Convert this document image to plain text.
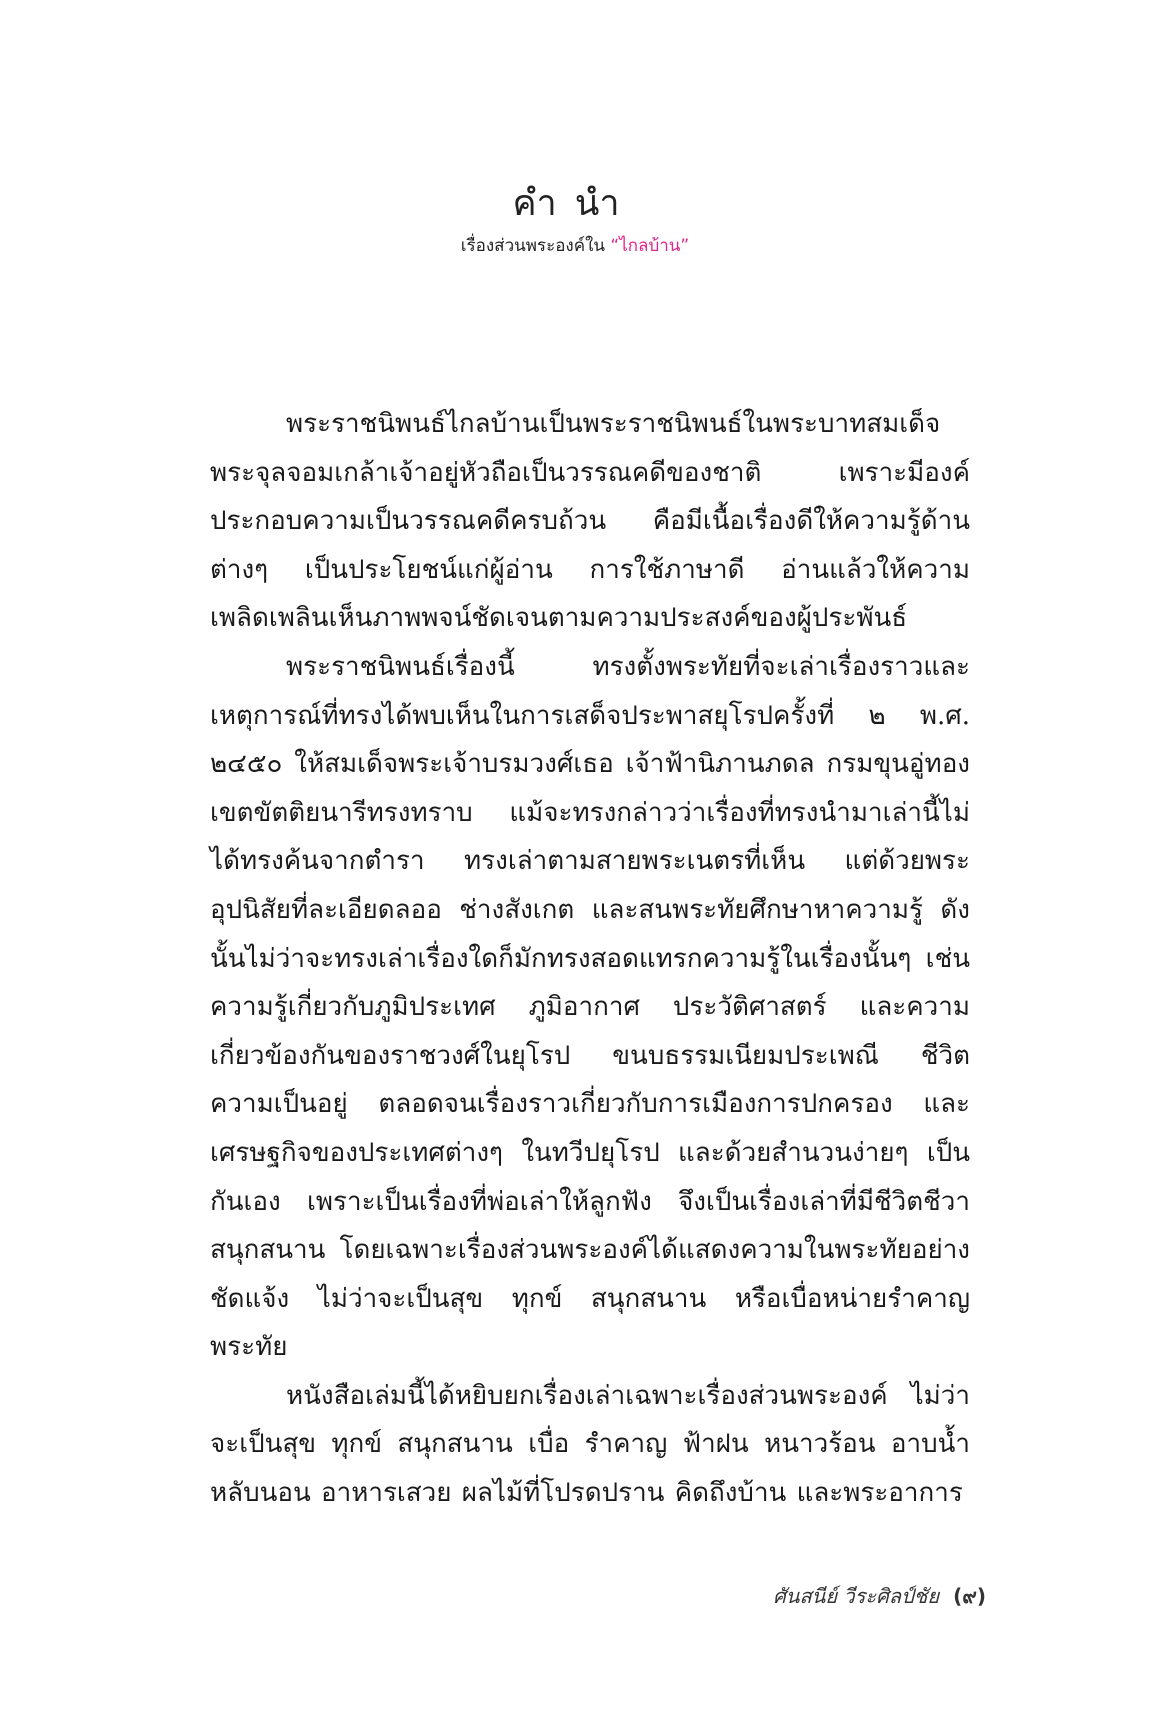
คำนำ
เรื่องส่วนพระองค์ใน “ไกลบ้าน”

พระราชนิพนธ์ไกลบ้านเป็นพระราชนิพนธ์ในพระบาทสมเด็จพระจุลจอมเกล้าเจ้าอยู่หัวถือเป็นวรรณคดีของชาติ เพราะมีองค์ประกอบความเป็นวรรณคดีครบถ้วน คือมีเนื้อเรื่องดีให้ความรู้ด้านต่างๆ เป็นประโยชน์แก่ผู้อ่าน การใช้ภาษาดี อ่านแล้วให้ความเพลิดเพลินเห็นภาพพจน์ชัดเจนตามความประสงค์ของผู้ประพันธ์

พระราชนิพนธ์เรื่องนี้ ทรงตั้งพระทัยที่จะเล่าเรื่องราวและเหตุการณ์ที่ทรงได้พบเห็นในการเสด็จประพาสยุโรปครั้งที่ ๒ พ.ศ. ๒๔๕๐ ให้สมเด็จพระเจ้าบรมวงศ์เธอ เจ้าฟ้านิภานภดล กรมขุนอู่ทองเขตขัตติยนารีทรงทราบ แม้จะทรงกล่าวว่าเรื่องที่ทรงนำมาเล่านี้ไม่ได้ทรงค้นจากตำรา ทรงเล่าตามสายพระเนตรที่เห็น แต่ด้วยพระอุปนิสัยที่ละเอียดลออ ช่างสังเกต และสนพระทัยศึกษาหาความรู้ ดังนั้นไม่ว่าจะทรงเล่าเรื่องใดก็มักทรงสอดแทรกความรู้ในเรื่องนั้นๆ เช่น ความรู้เกี่ยวกับภูมิประเทศ ภูมิอากาศ ประวัติศาสตร์ และความเกี่ยวข้องกันของราชวงศ์ในยุโรป ขนบธรรมเนียมประเพณี ชีวิตความเป็นอยู่ ตลอดจนเรื่องราวเกี่ยวกับการเมืองการปกครอง และเศรษฐกิจของประเทศต่างๆ ในทวีปยุโรป และด้วยสำนวนง่ายๆ เป็นกันเอง เพราะเป็นเรื่องที่พ่อเล่าให้ลูกฟัง จึงเป็นเรื่องเล่าที่มีชีวิตชีวาสนุกสนาน โดยเฉพาะเรื่องส่วนพระองค์ได้แสดงความในพระทัยอย่างชัดแจ้ง ไม่ว่าจะเป็นสุข ทุกข์ สนุกสนาน หรือเบื่อหน่ายรำคาญพระทัย

หนังสือเล่มนี้ได้หยิบยกเรื่องเล่าเฉพาะเรื่องส่วนพระองค์ ไม่ว่าจะเป็นสุข ทุกข์ สนุกสนาน เบื่อ รำคาญ ฟ้าฝน หนาวร้อน อาบน้ำ หลับนอน อาหารเสวย ผลไม้ที่โปรดปราน คิดถึงบ้าน และพระอาการ

ศันสนีย์ วีระศิลป์ชัย (๙)
